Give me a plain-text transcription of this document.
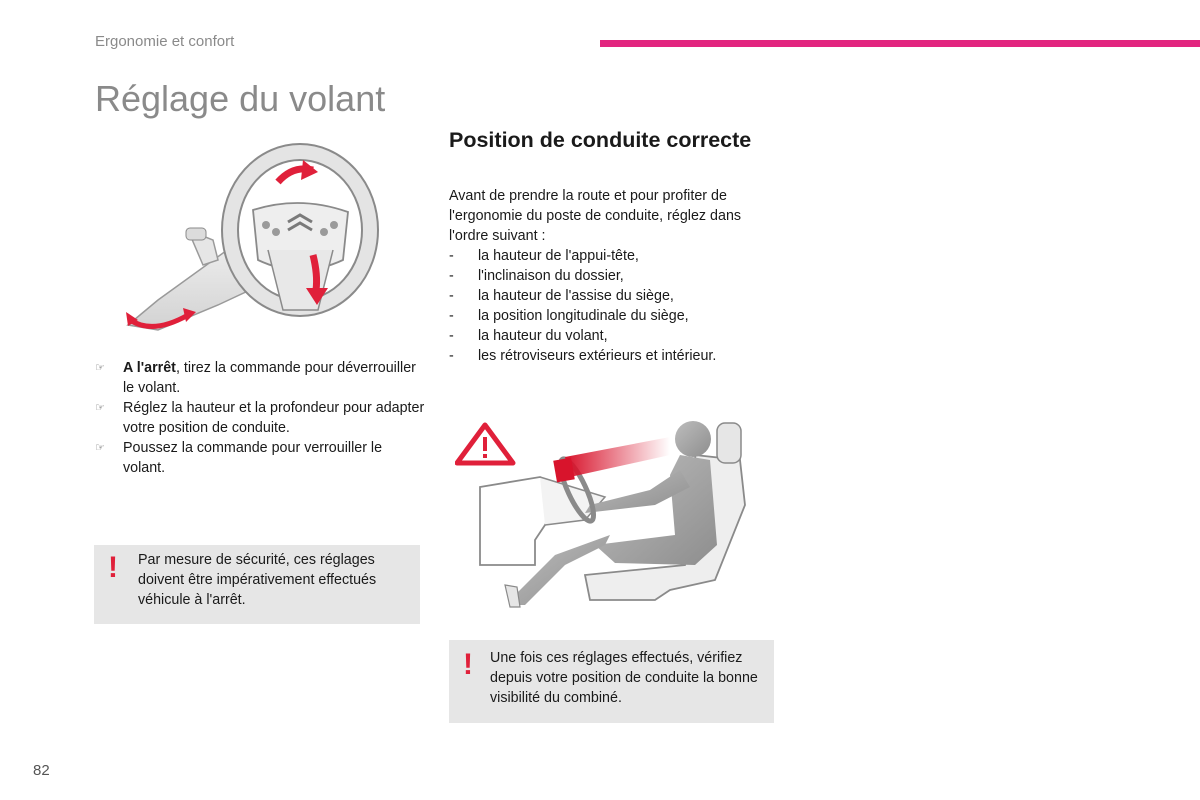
Ergonomie et confort
Réglage du volant

☞ A l'arrêt, tirez la commande pour déverrouiller le volant.

☞ Réglez la hauteur et la profondeur pour adapter votre position de conduite.

☞ Poussez la commande pour verrouiller le volant.

! Par mesure de sécurité, ces réglages doivent être impérativement effectués véhicule à l'arrêt.
Position de conduite correcte

Avant de prendre la route et pour profiter de l'ergonomie du poste de conduite, réglez dans l'ordre suivant :

- la hauteur de l'appui-tête,
- l'inclinaison du dossier,
- la hauteur de l'assise du siège,
- la position longitudinale du siège,
- la hauteur du volant,
- les rétroviseurs extérieurs et intérieur.
! Une fois ces réglages effectués, vérifiez depuis votre position de conduite la bonne visibilité du combiné.
82
